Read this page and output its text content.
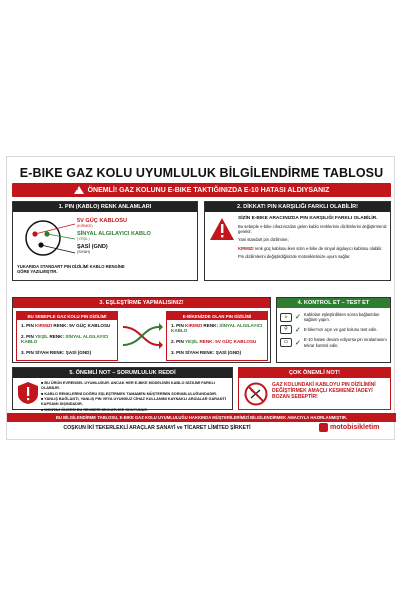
E-BIKE GAZ KOLU UYUMLULUK BİLGİLENDİRME TABLOSU
!
ÖNEMLİ! GAZ KOLUNU E-BIKE TAKTIĞINIZDA E-10 HATASI ALDIYSANIZ
1. PIN (KABLO) RENK ANLAMLARI
5V GÜÇ KABLOSU
(KIRMIZI)
SİNYAL ALGILAYICI KABLO
(YEŞİL)
ŞASİ (GND)
(SIYAH)
YUKARIDA STANDART PIN DİZİLİMİ KABLO RENGİNE GÖRE YAZILMIŞTIR.
2. DİKKAT! PIN KARŞILIĞI FARKLI OLABİLİR!
SİZİN E-BIKE ARACINIZDA PIN KARŞILIĞI FARKLI OLABİLİR.
Bu sebeple e-bike cihazınızdan gelen kablo renklerinin dizilimlerini değiştirmeniz gerekir.
Yani standart pin dizilimine;
KIRMIZI renk güç kablosu iken sizin e-bike de sinyal algılayıcı kablosu olabilir.
Pin dizilimlerini değiştirdiğinizde motosikletinize uyum sağlar.
3. EŞLEŞTİRME YAPMALISINIZ!
BU SEBEPLE GAZ KOLU PIN DİZİLİMİ
1. PIN KIRMIZI RENK: 5V GÜÇ KABLOSU
2. PIN YEŞİL RENK: SİNYAL ALGILAYICI KABLO
3. PIN SİYAH RENK: ŞASİ (GND)
E-BİKENİZDE OLAN PIN DİZİLİMİ
1. PIN KIRMIZI RENK: SİNYAL ALGILAYICI KABLO
2. PIN YEŞİL RENK: 5V GÜÇ KABLOSU
3. PIN SİYAH RENK: ŞASİ (GND)
4. KONTROL ET – TEST ET
⏚ ✓ Kabloları eşleştirdikten sonra bağlantıları sağlam yapın.
⚲	✓ E-bike'nızı açın ve gaz kolunu test edin.
▭ ✓ E-10 hatası devam ediyorsa pin sıralamasını tekrar kontrol edin.
5. ÖNEMLİ NOT – SORUMLULUK REDDİ
■ BU ÜRÜN EVRENSEL UYUMLUDUR. ANCAK HER E-BIKE MODELİNİN KABLO DİZİLİMİ FARKLI OLABİLİR.
■ KABLO RENKLERİNİ DOĞRU EŞLEŞTİRMEK TAMAMEN MÜŞTERİNİN SORUMLULUĞUNDADIR.
■ YANLIŞ BAĞLANTI, YANLIŞ PIN VEYA UYUMSUZ CİHAZ KULLANIMI KAYNAKLI ARIZALAR GARANTİ KAPSAMI DIŞINDADIR.
■ MONTAJ ÖNCESİ BU REHBERİ DİKKATLİCE OKUYUNUZ.
ÇOK ÖNEMLİ NOT!
GAZ KOLUNDAKİ KABLOYU PIN DİZİLİMİNİ DEĞİŞTİRMEK AMAÇLI KESMENİZ İADEYİ BOZAN SEBEPTİR!
BU BİLGİLENDİRME TABLOSU, E-BIKE GAZ KOLU UYUMLULUĞU HAKKINDA MÜŞTERİLERİMİZİ BİLGİLENDİRMEK AMACIYLA HAZIRLANMIŞTIR.
COŞKUN İKİ TEKERLEKLİ ARAÇLAR SANAYİ ve TİCARET LİMİTED ŞİRKETİ	motobisikletim
